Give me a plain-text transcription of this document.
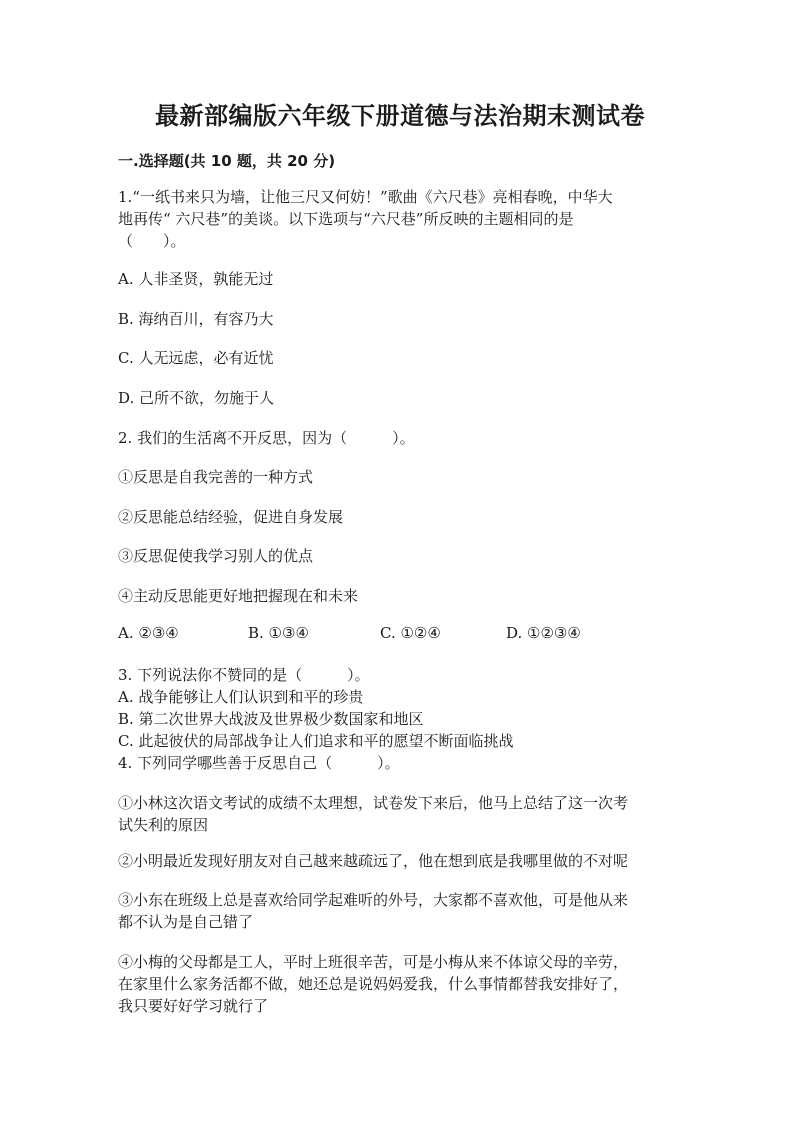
最新部编版六年级下册道德与法治期末测试卷
一.选择题(共 10 题，共 20 分)
1.“一纸书来只为墙，让他三尺又何妨！”歌曲《六尺巷》亮相春晚，中华大
地再传“ 六尺巷”的美谈。以下选项与“六尺巷”所反映的主题相同的是
（　　）。
A. 人非圣贤，孰能无过
B. 海纳百川，有容乃大
C. 人无远虑，必有近忧
D. 己所不欲，勿施于人
2. 我们的生活离不开反思，因为（　　　）。
①反思是自我完善的一种方式
②反思能总结经验，促进自身发展
③反思促使我学习别人的优点
④主动反思能更好地把握现在和未来
A. ②③④	B. ①③④	C. ①②④	D. ①②③④
3. 下列说法你不赞同的是（　　　）。
A. 战争能够让人们认识到和平的珍贵
B. 第二次世界大战波及世界极少数国家和地区
C. 此起彼伏的局部战争让人们追求和平的愿望不断面临挑战
4. 下列同学哪些善于反思自己（　　　）。
①小林这次语文考试的成绩不太理想，试卷发下来后，他马上总结了这一次考
试失利的原因
②小明最近发现好朋友对自己越来越疏远了，他在想到底是我哪里做的不对呢
③小东在班级上总是喜欢给同学起难听的外号，大家都不喜欢他，可是他从来
都不认为是自己错了
④小梅的父母都是工人，平时上班很辛苦，可是小梅从来不体谅父母的辛劳，
在家里什么家务活都不做，她还总是说妈妈爱我，什么事情都替我安排好了，
我只要好好学习就行了
